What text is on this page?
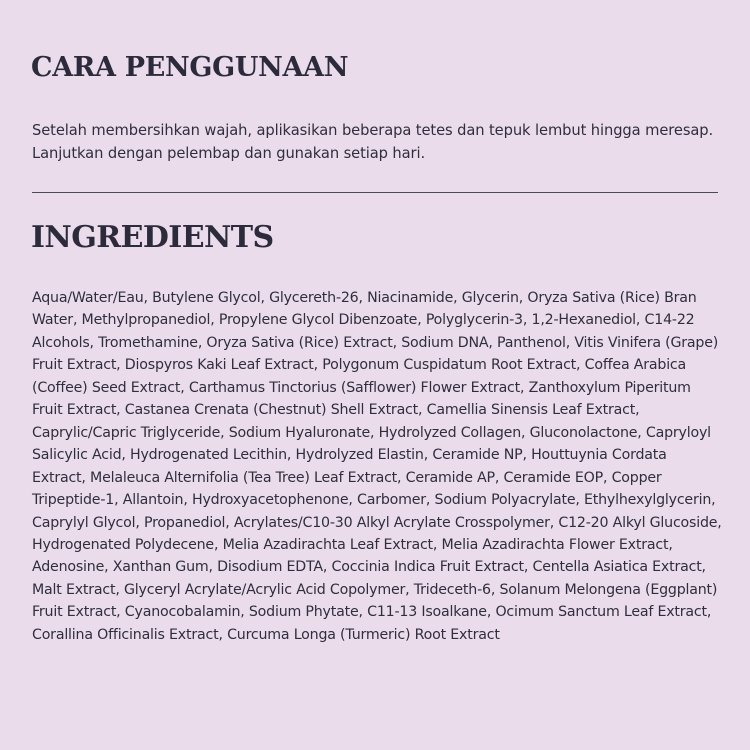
CARA PENGGUNAAN

Setelah membersihkan wajah, aplikasikan beberapa tetes dan tepuk lembut hingga meresap. Lanjutkan dengan pelembap dan gunakan setiap hari.

INGREDIENTS

Aqua/Water/Eau, Butylene Glycol, Glycereth-26, Niacinamide, Glycerin, Oryza Sativa (Rice) Bran Water, Methylpropanediol, Propylene Glycol Dibenzoate, Polyglycerin-3, 1,2-Hexanediol, C14-22 Alcohols, Tromethamine, Oryza Sativa (Rice) Extract, Sodium DNA, Panthenol, Vitis Vinifera (Grape) Fruit Extract, Diospyros Kaki Leaf Extract, Polygonum Cuspidatum Root Extract, Coffea Arabica (Coffee) Seed Extract, Carthamus Tinctorius (Safflower) Flower Extract, Zanthoxylum Piperitum Fruit Extract, Castanea Crenata (Chestnut) Shell Extract, Camellia Sinensis Leaf Extract, Caprylic/Capric Triglyceride, Sodium Hyaluronate, Hydrolyzed Collagen, Gluconolactone, Capryloyl Salicylic Acid, Hydrogenated Lecithin, Hydrolyzed Elastin, Ceramide NP, Houttuynia Cordata Extract, Melaleuca Alternifolia (Tea Tree) Leaf Extract, Ceramide AP, Ceramide EOP, Copper Tripeptide-1, Allantoin, Hydroxyacetophenone, Carbomer, Sodium Polyacrylate, Ethylhexylglycerin, Caprylyl Glycol, Propanediol, Acrylates/C10-30 Alkyl Acrylate Crosspolymer, C12-20 Alkyl Glucoside, Hydrogenated Polydecene, Melia Azadirachta Leaf Extract, Melia Azadirachta Flower Extract, Adenosine, Xanthan Gum, Disodium EDTA, Coccinia Indica Fruit Extract, Centella Asiatica Extract, Malt Extract, Glyceryl Acrylate/Acrylic Acid Copolymer, Trideceth-6, Solanum Melongena (Eggplant) Fruit Extract, Cyanocobalamin, Sodium Phytate, C11-13 Isoalkane, Ocimum Sanctum Leaf Extract, Corallina Officinalis Extract, Curcuma Longa (Turmeric) Root Extract
